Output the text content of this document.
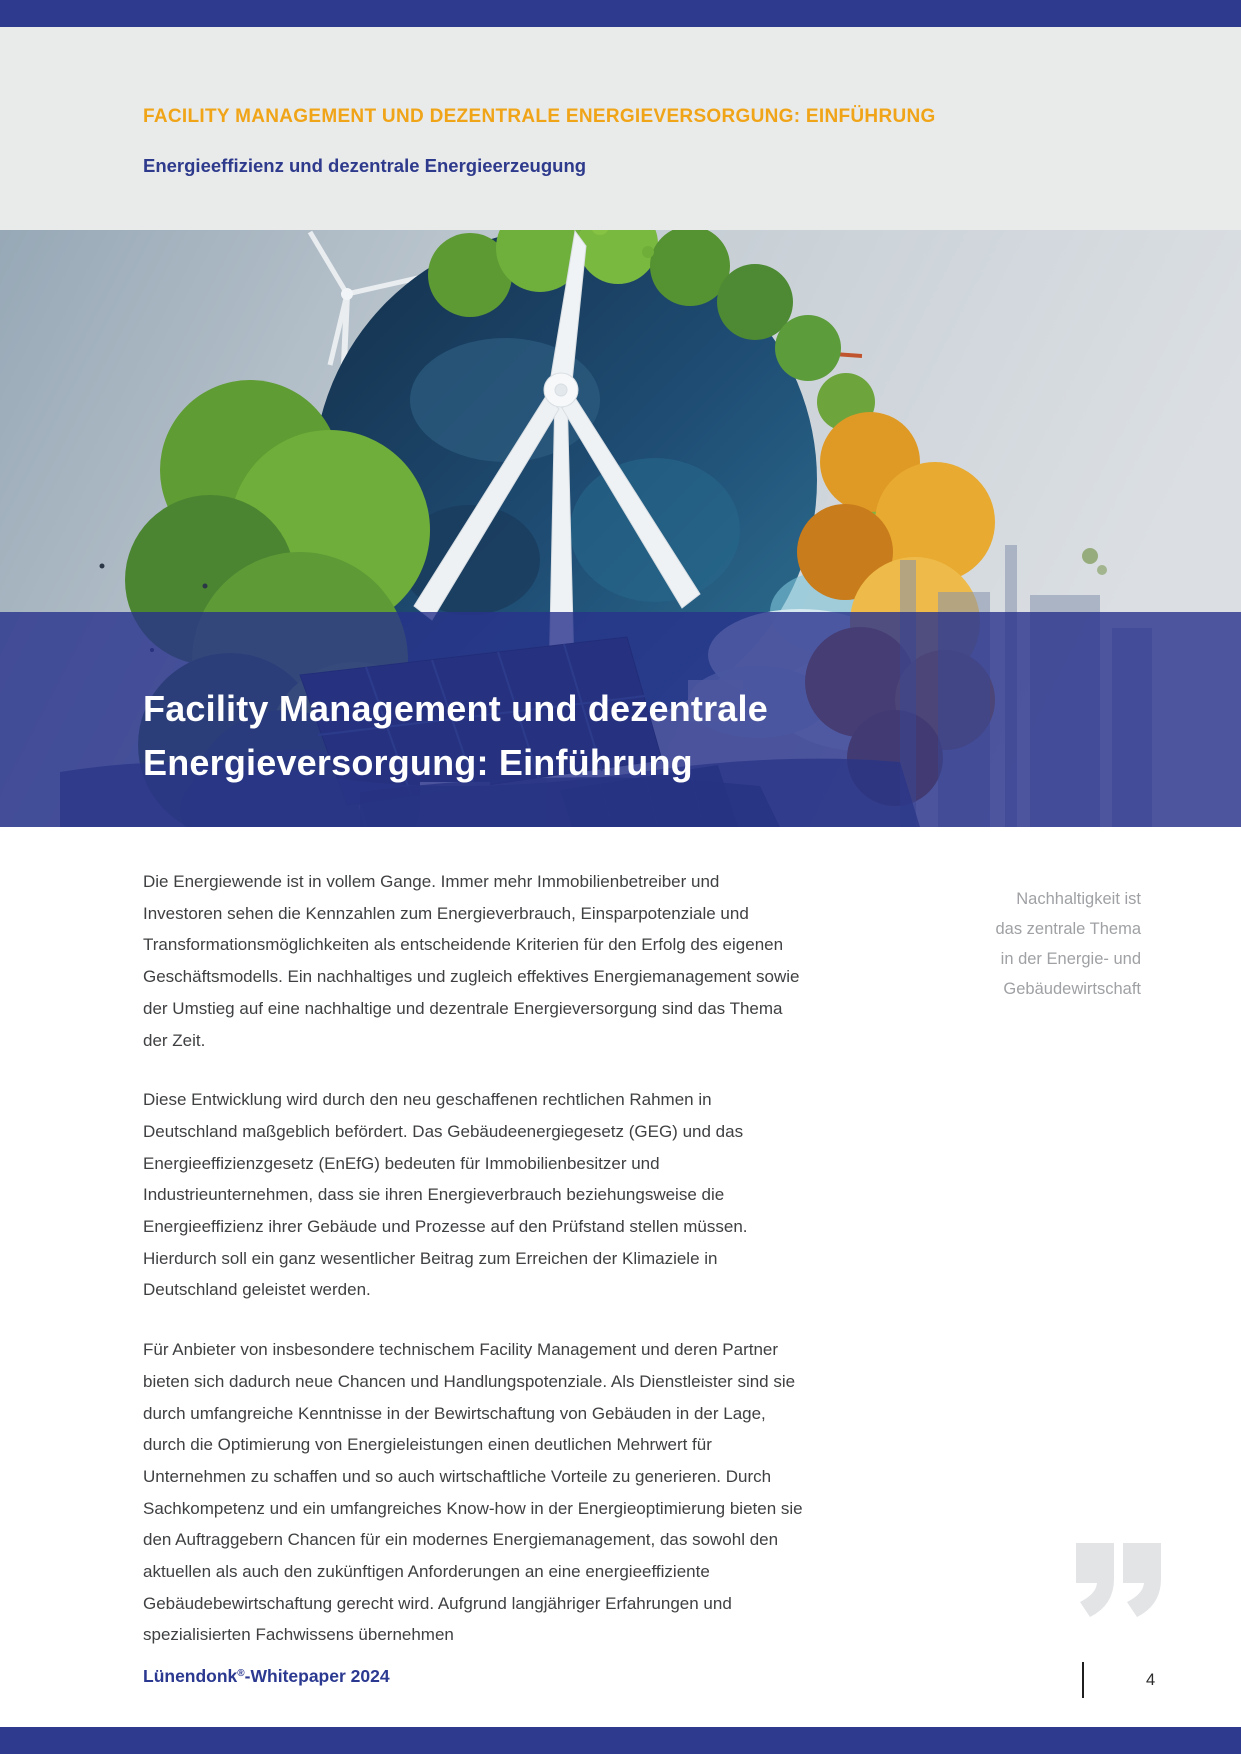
FACILITY MANAGEMENT UND DEZENTRALE ENERGIEVERSORGUNG: EINFÜHRUNG
Energieeffizienz und dezentrale Energieerzeugung
Facility Management und dezentrale
Energieversorgung: Einführung

Die Energiewende ist in vollem Gange. Immer mehr Immobilienbetreiber und Investoren sehen die Kennzahlen zum Energieverbrauch, Einsparpotenziale und Transformationsmöglichkeiten als entscheidende Kriterien für den Erfolg des eigenen Geschäftsmodells. Ein nachhaltiges und zugleich effektives Energiemanagement sowie der Umstieg auf eine nachhaltige und dezentrale Energieversorgung sind das Thema der Zeit.

Diese Entwicklung wird durch den neu geschaffenen rechtlichen Rahmen in Deutschland maßgeblich befördert. Das Gebäudeenergiegesetz (GEG) und das Energieeffizienzgesetz (EnEfG) bedeuten für Immobilienbesitzer und Industrieunternehmen, dass sie ihren Energieverbrauch beziehungsweise die Energieeffizienz ihrer Gebäude und Prozesse auf den Prüfstand stellen müssen. Hierdurch soll ein ganz wesentlicher Beitrag zum Erreichen der Klimaziele in Deutschland geleistet werden.

Für Anbieter von insbesondere technischem Facility Management und deren Partner bieten sich dadurch neue Chancen und Handlungspotenziale. Als Dienstleister sind sie durch umfangreiche Kenntnisse in der Bewirtschaftung von Gebäuden in der Lage, durch die Optimierung von Energieleistungen einen deutlichen Mehrwert für Unternehmen zu schaffen und so auch wirtschaftliche Vorteile zu generieren. Durch Sachkompetenz und ein umfangreiches Know-how in der Energieoptimierung bieten sie den Auftraggebern Chancen für ein modernes Energiemanagement, das sowohl den aktuellen als auch den zukünftigen Anforderungen an eine energieeffiziente Gebäudebewirtschaftung gerecht wird. Aufgrund langjähriger Erfahrungen und spezialisierten Fachwissens übernehmen

Nachhaltigkeit ist
das zentrale Thema
in der Energie- und
Gebäudewirtschaft
Lünendonk®-Whitepaper 2024	4
